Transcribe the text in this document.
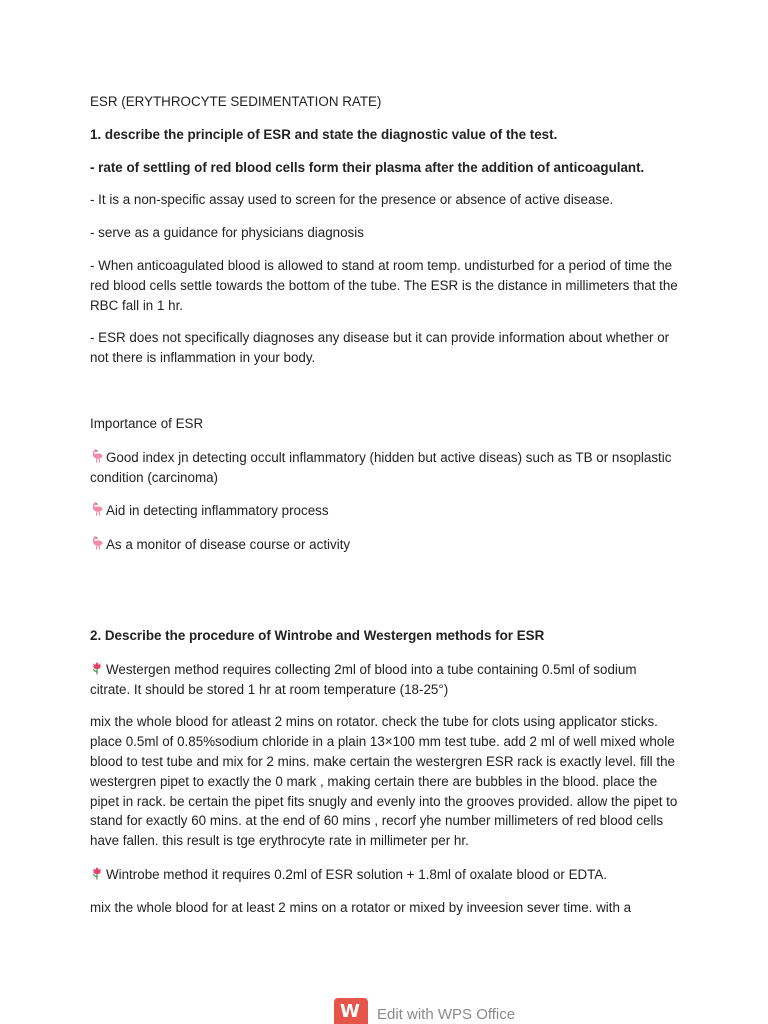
ESR (ERYTHROCYTE SEDIMENTATION RATE)

1. describe the principle of ESR and state the diagnostic value of the test.

- rate of settling of red blood cells form their plasma after the addition of anticoagulant.

- It is a non-specific assay used to screen for the presence or absence of active disease.

- serve as a guidance for physicians diagnosis

- When anticoagulated blood is allowed to stand at room temp. undisturbed for a period of time the red blood cells settle towards the bottom of the tube. The ESR is the distance in millimeters that the RBC fall in 1 hr.

- ESR does not specifically diagnoses any disease but it can provide information about whether or not there is inflammation in your body.

Importance of ESR

Good index jn detecting occult inflammatory (hidden but active diseas) such as TB or nsoplastic condition (carcinoma)

Aid in detecting inflammatory process

As a monitor of disease course or activity

2. Describe the procedure of Wintrobe and Westergen methods for ESR

Westergen method requires collecting 2ml of blood into a tube containing 0.5ml of sodium citrate. It should be stored 1 hr at room temperature (18-25°)

mix the whole blood for atleast 2 mins on rotator. check the tube for clots using applicator sticks. place 0.5ml of 0.85%sodium chloride in a plain 13×100 mm test tube. add 2 ml of well mixed whole blood to test tube and mix for 2 mins. make certain the westergren ESR rack is exactly level. fill the westergren pipet to exactly the 0 mark , making certain there are bubbles in the blood. place the pipet in rack. be certain the pipet fits snugly and evenly into the grooves provided. allow the pipet to stand for exactly 60 mins. at the end of 60 mins , recorf yhe number millimeters of red blood cells have fallen. this result is tge erythrocyte rate in millimeter per hr.

Wintrobe method it requires 0.2ml of ESR solution + 1.8ml of oxalate blood or EDTA.

mix the whole blood for at least 2 mins on a rotator or mixed by inveesion sever time. with a

W Edit with WPS Office
